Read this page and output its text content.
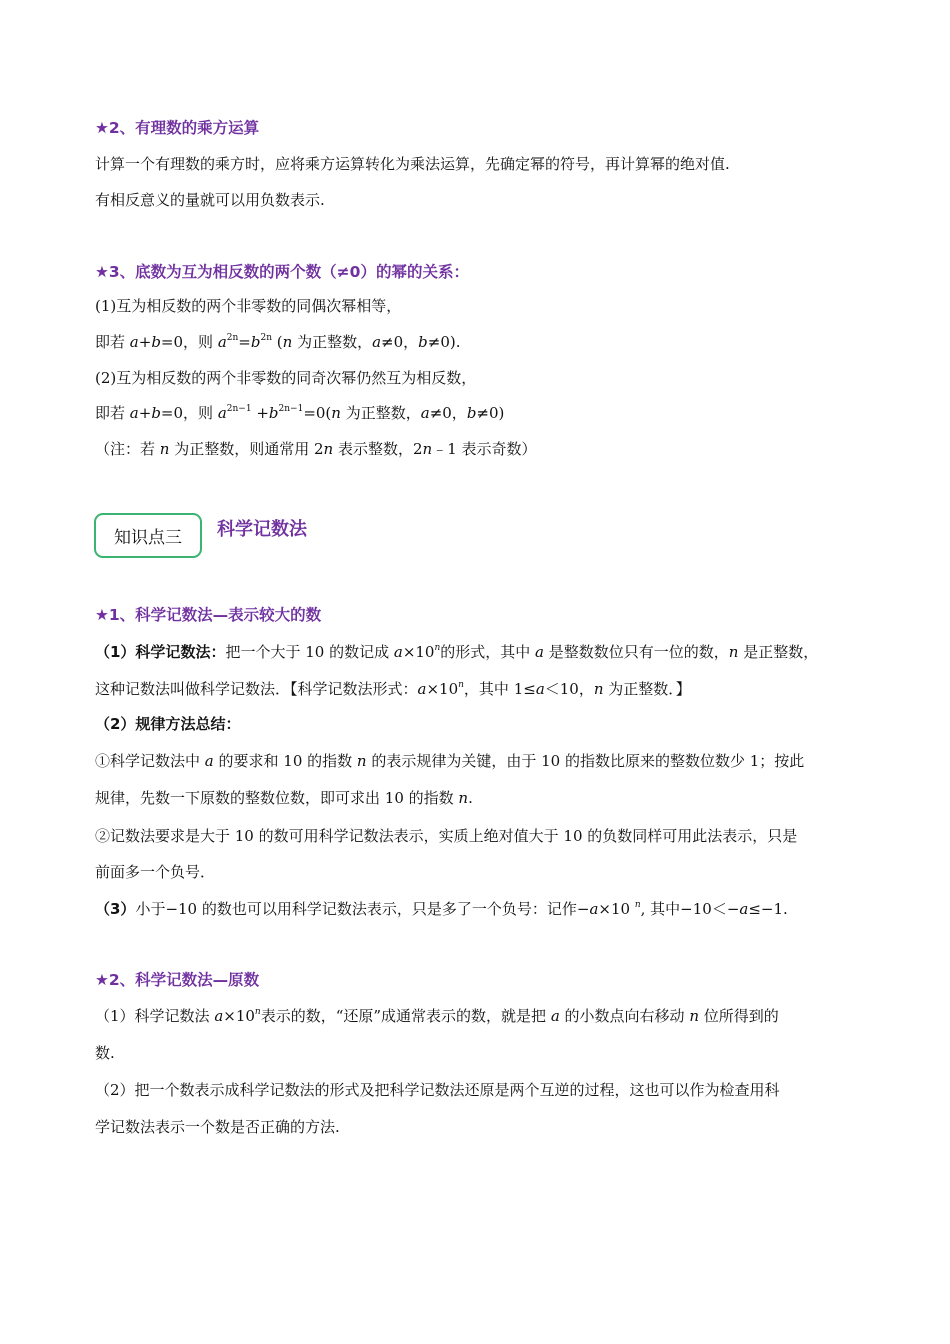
★2、有理数的乘方运算
计算一个有理数的乘方时，应将乘方运算转化为乘法运算，先确定幂的符号，再计算幂的绝对值.
有相反意义的量就可以用负数表示.
★3、底数为互为相反数的两个数（≠0）的幂的关系：
(1)互为相反数的两个非零数的同偶次幂相等，
即若 a+b=0，则 $a^{2n}=b^{2n}$ (n 为正整数，a≠0，b≠0).
(2)互为相反数的两个非零数的同奇次幂仍然互为相反数，
即若 a+b=0，则 $a^{2n-1} +b^{2n-1}=0(n$ 为正整数，a≠0，b≠0)
（注：若 n 为正整数，则通常用 2n 表示整数，2n﹣1 表示奇数）
知识点三	科学记数法
★1、科学记数法—表示较大的数
（1）科学记数法：把一个大于 10 的数记成 $a\times 10^n$的形式，其中 a 是整数数位只有一位的数，n 是正整数，
这种记数法叫做科学记数法．【科学记数法形式：$a\times 10^n$，其中 1≤a＜10，n 为正整数．】
（2）规律方法总结：
①科学记数法中 a 的要求和 10 的指数 n 的表示规律为关键，由于 10 的指数比原来的整数位数少 1；按此
规律，先数一下原数的整数位数，即可求出 10 的指数 n.
②记数法要求是大于 10 的数可用科学记数法表示，实质上绝对值大于 10 的负数同样可用此法表示，只是
前面多一个负号．
（3）小于−10 的数也可以用科学记数法表示，只是多了一个负号：记作−a×10 $^n$, 其中−10＜−a≤−1.
★2、科学记数法—原数
（1）科学记数法 $a\times 10^n$表示的数，“还原”成通常表示的数，就是把 a 的小数点向右移动 n 位所得到的
数.
（2）把一个数表示成科学记数法的形式及把科学记数法还原是两个互逆的过程，这也可以作为检查用科
学记数法表示一个数是否正确的方法.
